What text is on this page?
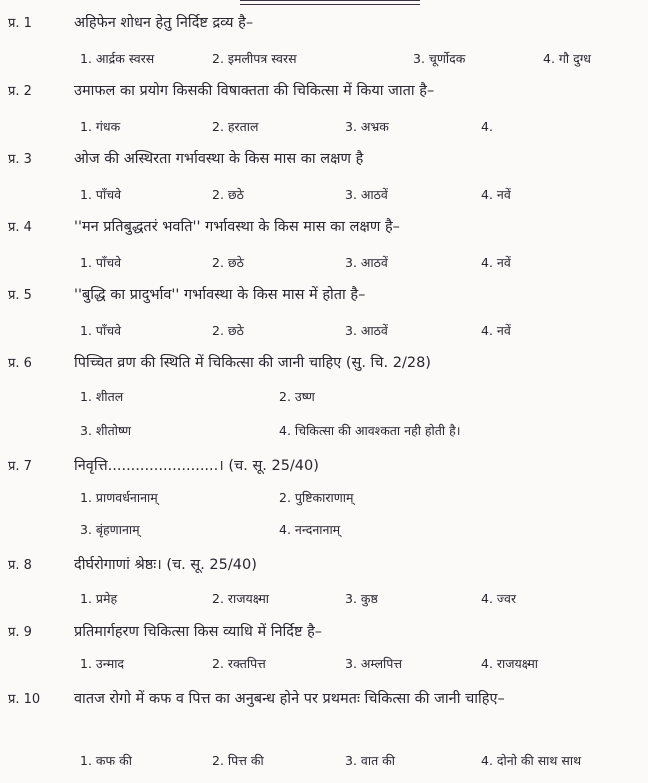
प्र. 1	अहिफेन शोधन हेतु निर्दिष्ट द्रव्य है–
1. आर्द्रक स्वरस	2. इमलीपत्र स्वरस	3. चूर्णोदक	4. गौ दुग्ध
प्र. 2	उमाफल का प्रयोग किसकी विषाक्तता की चिकित्सा में किया जाता है–
1. गंधक	2. हरताल	3. अभ्रक	4.
प्र. 3	ओज की अस्थिरता गर्भावस्था के किस मास का लक्षण है
1. पाँचवे	2. छठे	3. आठवें	4. नवें
प्र. 4	''मन प्रतिबुद्धतरं भवति'' गर्भावस्था के किस मास का लक्षण है–
1. पाँचवे	2. छठे	3. आठवें	4. नवें
प्र. 5	''बुद्धि का प्रादुर्भाव'' गर्भावस्था के किस मास में होता है–
1. पाँचवे	2. छठे	3. आठवें	4. नवें
प्र. 6	पिच्चित व्रण की स्थिति में चिकित्सा की जानी चाहिए (सु. चि. 2/28)
1. शीतल	2. उष्ण
3. शीतोष्ण	4. चिकित्सा की आवश्कता नही होती है।
प्र. 7	निवृत्ति........................। (च. सू. 25/40)
1. प्राणवर्धनानाम्	2. पुष्टिकाराणाम्
3. बृंहणानाम्	4. नन्दनानाम्
प्र. 8	दीर्घरोगाणां श्रेष्ठः। (च. सू. 25/40)
1. प्रमेह	2. राजयक्ष्मा	3. कुष्ठ	4. ज्वर
प्र. 9	प्रतिमार्गहरण चिकित्सा किस व्याधि में निर्दिष्ट है–
1. उन्माद	2. रक्तपित्त	3. अम्लपित्त	4. राजयक्ष्मा
प्र. 10 वातज रोगो में कफ व पित्त का अनुबन्ध होने पर प्रथमतः चिकित्सा की जानी चाहिए–
1. कफ की	2. पित्त की	3. वात की	4. दोनो की साथ साथ
